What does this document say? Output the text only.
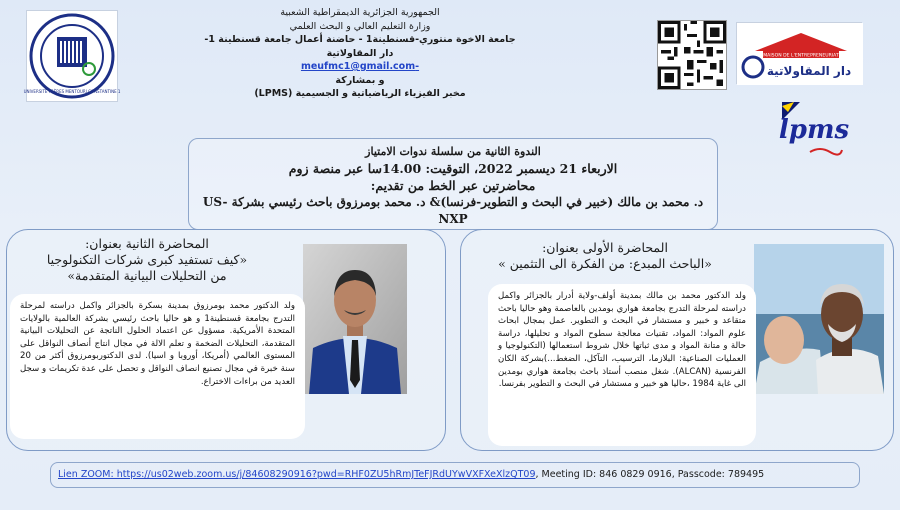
UNIVERSITÉ FRÈRES MENTOURI CONSTANTINE 1
الجمهورية الجزائرية الديمقراطية الشعبية
وزارة التعليم العالي و البحث العلمي
جامعة الاخوة منتوري-قسنطينة1 - حاضنة أعمال جامعة قسنطينة 1-
دار المقاولاتية
-meufmc1@gmail.com
و بمشاركة
مخبر الفيزياء الرياضياتية و الجسيمية (LPMS)
MAISON DE L'ENTREPRENEURIAT
دار المقاولاتية
lpms
الندوة الثانية من سلسلة ندوات الامتياز
الاربعاء 21 ديسمبر 2022، التوقيت: 14.00سا عبر منصة زوم
محاضرتين عبر الخط من تقديم:
د. محمد بن مالك (خبير في البحث و التطوير-فرنسا)& د. محمد بومرزوق باحث رئيسي بشركة US-NXP
المحاضرة الثانية بعنوان:
«كيف تستفيد كبرى شركات التكنولوجيا
من التحليلات البيانية المتقدمة»
ولد الدكتور محمد بومرزوق بمدينة بسكرة بالجزائر واكمل دراسته لمرحلة التدرج بجامعة قسنطينة1 و هو حاليا باحث رئيسي بشركة العالمية بالولايات المتحدة الأمريكية. مسؤول عن اعتماد الحلول الناتجة عن التحليلات البيانية المتقدمة، التحليلات الضخمة و تعلم الالة في مجال انتاج أنصاف النواقل على المستوى العالمي (أمريكا، أوروبا و اسيا). لدى الدكتوربومرزوق أكثر من 20 سنة خبرة في مجال تصنيع انصاف النواقل و تحصل على عدة تكريمات و سجل العديد من براءات الاختراع.
المحاضرة الأولى بعنوان:
«الباحث المبدع: من الفكرة الى التثمين »
ولد الدكتور محمد بن مالك بمدينة أولف-ولاية أدرار بالجزائر واكمل دراسته لمرحلة التدرج بجامعة هواري بومدين بالعاصمة وهو حاليا باحث متقاعد و خبير و مستشار في البحث و التطوير. عمل بمجال ابحاث علوم المواد: المواد، تقنيات معالجة سطوح المواد و تحليلها، دراسة حالة و متانة المواد و مدى ثباتها خلال شروط استعمالها (التكنولوجيا و العمليات الصناعية: البلازما، الترسيب، التآكل، الضغط...)بشركة الكان الفرنسية (ALCAN). شغل منصب أستاذ باحث بجامعة هواري بومدين الى غاية 1984 ،حاليا هو خبير و مستشار في البحث و التطوير بفرنسا.
Lien ZOOM: https://us02web.zoom.us/j/84608290916?pwd=RHF0ZU5hRmJTeFJRdUYwVXFXeXlzQT09, Meeting ID: 846 0829 0916, Passcode: 789495
